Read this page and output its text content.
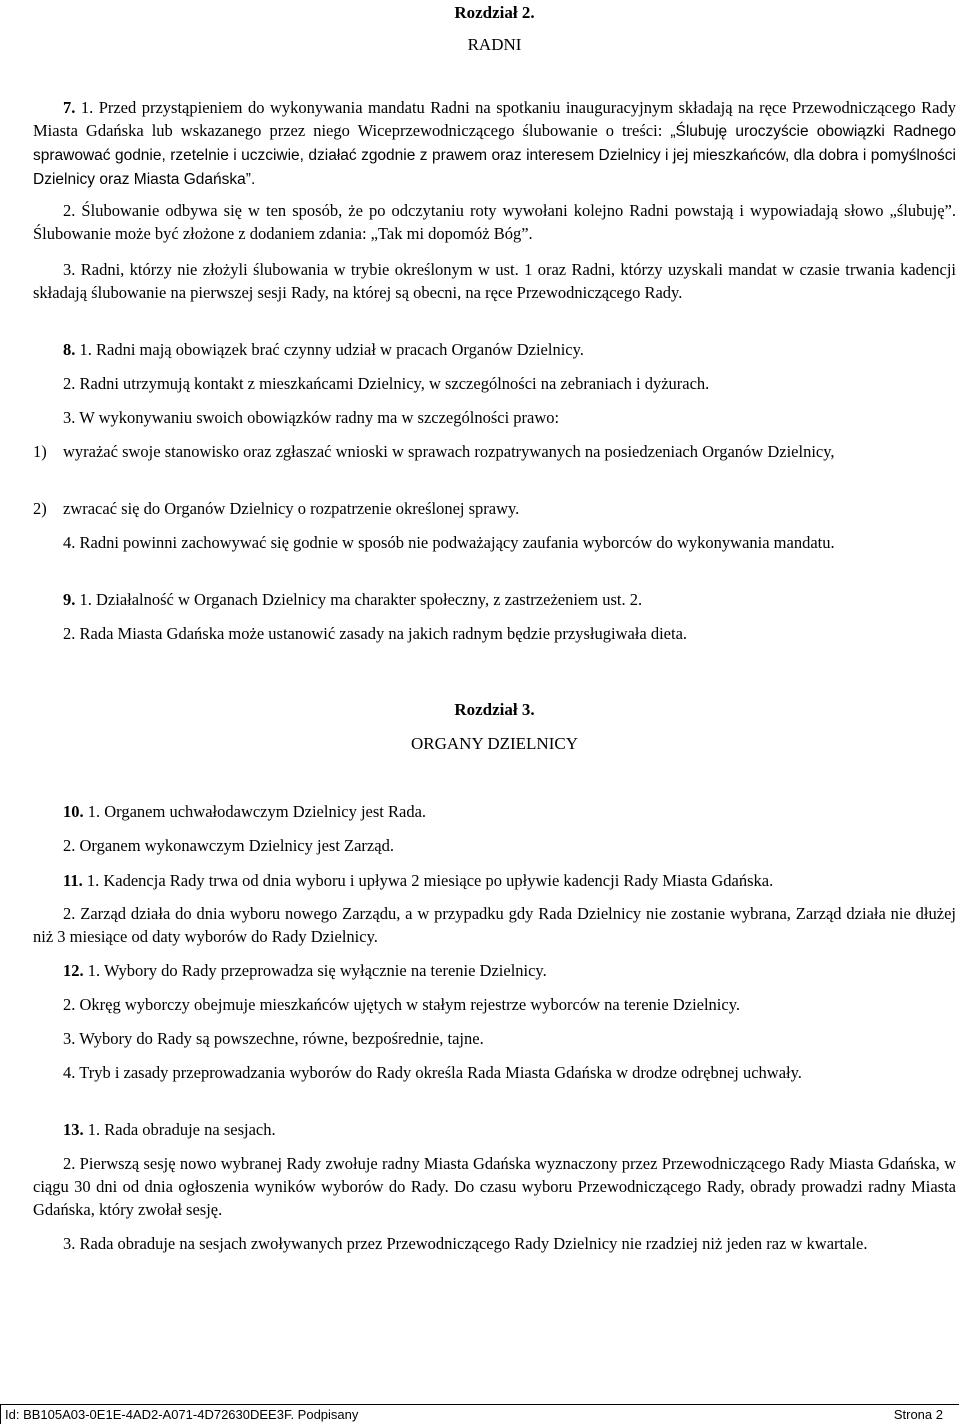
Rozdział 2.
RADNI

7. 1. Przed przystąpieniem do wykonywania mandatu Radni na spotkaniu inauguracyjnym składają na ręce Przewodniczącego Rady Miasta Gdańska lub wskazanego przez niego Wiceprzewodniczącego ślubowanie o treści: „Ślubuję uroczyście obowiązki Radnego sprawować godnie, rzetelnie i uczciwie, działać zgodnie z prawem oraz interesem Dzielnicy i jej mieszkańców, dla dobra i pomyślności Dzielnicy oraz Miasta Gdańska”.

2. Ślubowanie odbywa się w ten sposób, że po odczytaniu roty wywołani kolejno Radni powstają i wypowiadają słowo „ślubuję”. Ślubowanie może być złożone z dodaniem zdania: „Tak mi dopomóż Bóg”.

3. Radni, którzy nie złożyli ślubowania w trybie określonym w ust. 1 oraz Radni, którzy uzyskali mandat w czasie trwania kadencji składają ślubowanie na pierwszej sesji Rady, na której są obecni, na ręce Przewodniczącego Rady.

8. 1. Radni mają obowiązek brać czynny udział w pracach Organów Dzielnicy.

2. Radni utrzymują kontakt z mieszkańcami Dzielnicy, w szczególności na zebraniach i dyżurach.

3. W wykonywaniu swoich obowiązków radny ma w szczególności prawo:

1) wyrażać swoje stanowisko oraz zgłaszać wnioski w sprawach rozpatrywanych na posiedzeniach Organów Dzielnicy,
2) zwracać się do Organów Dzielnicy o rozpatrzenie określonej sprawy.

4. Radni powinni zachowywać się godnie w sposób nie podważający zaufania wyborców do wykonywania mandatu.

9. 1. Działalność w Organach Dzielnicy ma charakter społeczny, z zastrzeżeniem ust. 2.

2. Rada Miasta Gdańska może ustanowić zasady na jakich radnym będzie przysługiwała dieta.

Rozdział 3.
ORGANY DZIELNICY

10. 1. Organem uchwałodawczym Dzielnicy jest Rada.

2. Organem wykonawczym Dzielnicy jest Zarząd.

11. 1. Kadencja Rady trwa od dnia wyboru i upływa 2 miesiące po upływie kadencji Rady Miasta Gdańska.

2. Zarząd działa do dnia wyboru nowego Zarządu, a w przypadku gdy Rada Dzielnicy nie zostanie wybrana, Zarząd działa nie dłużej niż 3 miesiące od daty wyborów do Rady Dzielnicy.

12. 1. Wybory do Rady przeprowadza się wyłącznie na terenie Dzielnicy.

2. Okręg wyborczy obejmuje mieszkańców ujętych w stałym rejestrze wyborców na terenie Dzielnicy.

3. Wybory do Rady są powszechne, równe, bezpośrednie, tajne.

4. Tryb i zasady przeprowadzania wyborów do Rady określa Rada Miasta Gdańska w drodze odrębnej uchwały.

13. 1. Rada obraduje na sesjach.

2. Pierwszą sesję nowo wybranej Rady zwołuje radny Miasta Gdańska wyznaczony przez Przewodniczącego Rady Miasta Gdańska, w ciągu 30 dni od dnia ogłoszenia wyników wyborów do Rady. Do czasu wyboru Przewodniczącego Rady, obrady prowadzi radny Miasta Gdańska, który zwołał sesję.

3. Rada obraduje na sesjach zwoływanych przez Przewodniczącego Rady Dzielnicy nie rzadziej niż jeden raz w kwartale.

Id: BB105A03-0E1E-4AD2-A071-4D72630DEE3F. Podpisany	Strona 2
